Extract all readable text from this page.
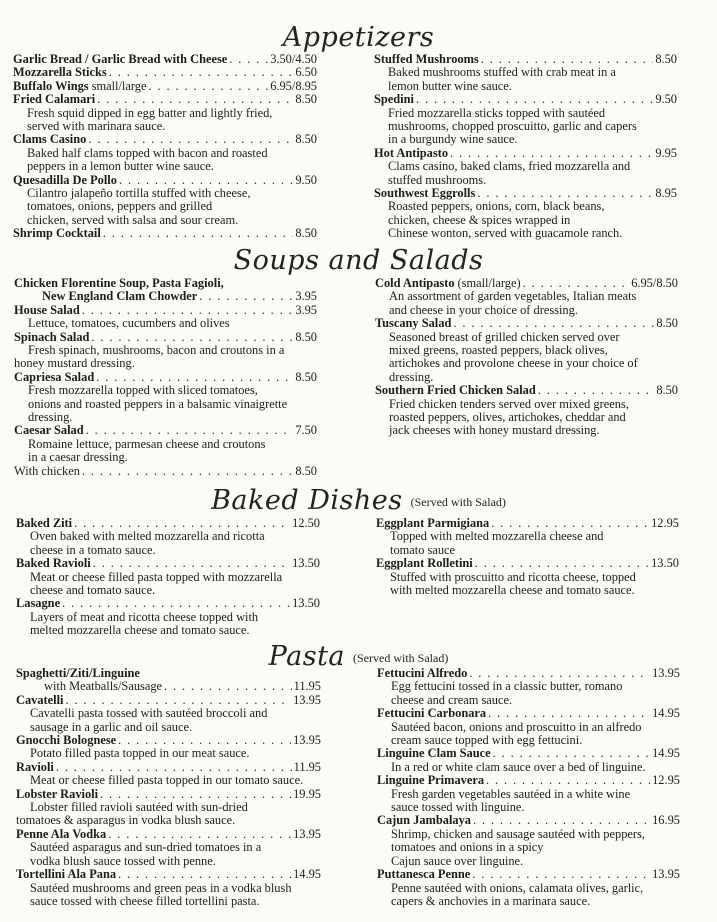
Appetizers
Soups and Salads
Baked Dishes (Served with Salad)
Pasta (Served with Salad)
Garlic Bread / Garlic Bread with Cheese . . .	3.50/4.50
Mozzarella Sticks . . .	6.50
Buffalo Wings small/large . . .	6.95/8.95
Fried Calamari . . .	8.50
Fresh squid dipped in egg batter and lightly fried,
served with marinara sauce.
Clams Casino . . .	8.50
Baked half clams topped with bacon and roasted
peppers in a lemon butter wine sauce.
Quesadilla De Pollo . . .	9.50
Cilantro jalapeño tortilla stuffed with cheese,
tomatoes, onions, peppers and grilled
chicken, served with salsa and sour cream.
Shrimp Cocktail . . .	8.50
Stuffed Mushrooms . . .	8.50
Baked mushrooms stuffed with crab meat in a
lemon butter wine sauce.
Spedini . . .	9.50
Fried mozzarella sticks topped with sautéed
mushrooms, chopped proscuitto, garlic and capers
in a burgundy wine sauce.
Hot Antipasto . . .	9.95
Clams casino, baked clams, fried mozzarella and
stuffed mushrooms.
Southwest Eggrolls . . .	8.95
Roasted peppers, onions, corn, black beans,
chicken, cheese & spices wrapped in
Chinese wonton, served with guacamole ranch.
Chicken Florentine Soup, Pasta Fagioli,
New England Clam Chowder . . .	3.95
House Salad . . .	3.95
Lettuce, tomatoes, cucumbers and olives
Spinach Salad . . .	8.50
Fresh spinach, mushrooms, bacon and croutons in a
honey mustard dressing.
Capriesa Salad . . .	8.50
Fresh mozzarella topped with sliced tomatoes,
onions and roasted peppers in a balsamic vinaigrette
dressing.
Caesar Salad . . .	7.50
Romaine lettuce, parmesan cheese and croutons
in a caesar dressing.
With chicken . . .	8.50
Cold Antipasto (small/large) . . .	6.95/8.50
An assortment of garden vegetables, Italian meats
and cheese in your choice of dressing.
Tuscany Salad . . .	8.50
Seasoned breast of grilled chicken served over
mixed greens, roasted peppers, black olives,
artichokes and provolone cheese in your choice of
dressing.
Southern Fried Chicken Salad . . .	8.50
Fried chicken tenders served over mixed greens,
roasted peppers, olives, artichokes, cheddar and
jack cheeses with honey mustard dressing.
Baked Ziti . . .	12.50
Oven baked with melted mozzarella and ricotta
cheese in a tomato sauce.
Baked Ravioli . . .	13.50
Meat or cheese filled pasta topped with mozzarella
cheese and tomato sauce.
Lasagne . . .	13.50
Layers of meat and ricotta cheese topped with
melted mozzarella cheese and tomato sauce.
Eggplant Parmigiana . . .	12.95
Topped with melted mozzarella cheese and
tomato sauce
Eggplant Rolletini . . .	13.50
Stuffed with proscuitto and ricotta cheese, topped
with melted mozzarella cheese and tomato sauce.
Spaghetti/Ziti/Linguine
with Meatballs/Sausage . . .	11.95
Cavatelli . . .	13.95
Cavatelli pasta tossed with sautéed broccoli and
sausage in a garlic and oil sauce.
Gnocchi Bolognese . . .	13.95
Potato filled pasta topped in our meat sauce.
Ravioli . . .	11.95
Meat or cheese filled pasta topped in our tomato sauce.
Lobster Ravioli . . .	19.95
Lobster filled ravioli sautéed with sun-dried
tomatoes & asparagus in vodka blush sauce.
Penne Ala Vodka . . .	13.95
Sautéed asparagus and sun-dried tomatoes in a
vodka blush sauce tossed with penne.
Tortellini Ala Pana . . .	14.95
Sautéed mushrooms and green peas in a vodka blush
sauce tossed with cheese filled tortellini pasta.
Fettucini Alfredo . . .	13.95
Egg fettucini tossed in a classic butter, romano
cheese and cream sauce.
Fettucini Carbonara . . .	14.95
Sautéed bacon, onions and proscuitto in an alfredo
cream sauce topped with egg fettucini.
Linguine Clam Sauce . . .	14.95
In a red or white clam sauce over a bed of linguine.
Linguine Primavera . . .	12.95
Fresh garden vegetables sautéed in a white wine
sauce tossed with linguine.
Cajun Jambalaya . . .	16.95
Shrimp, chicken and sausage sautéed with peppers,
tomatoes and onions in a spicy
Cajun sauce over linguine.
Puttanesca Penne . . .	13.95
Penne sautéed with onions, calamata olives, garlic,
capers & anchovies in a marinara sauce.
